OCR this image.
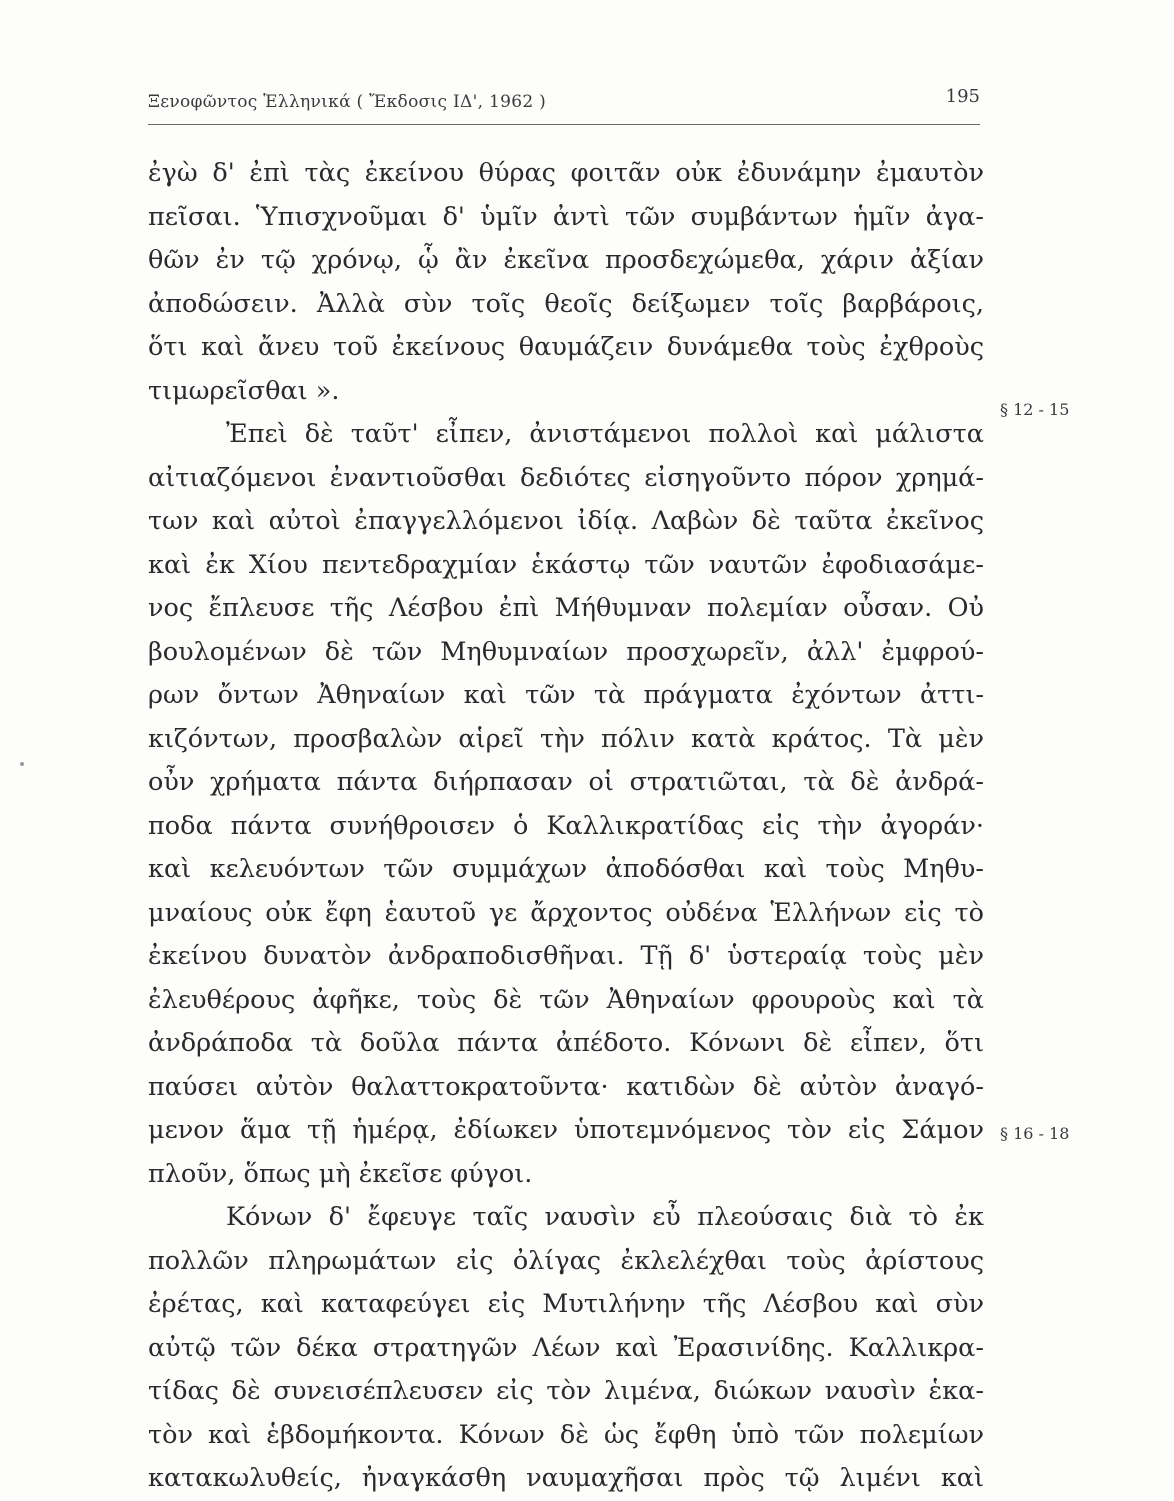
Ξενοφῶντος Ἑλληνικά ( Ἔκδοσις ΙΔ', 1962 )	195
ἐγὼ δ' ἐπὶ τὰς ἐκείνου θύρας φοιτᾶν οὐκ ἐδυνάμην ἐμαυτὸν
πεῖσαι. Ὑπισχνοῦμαι δ' ὑμῖν ἀντὶ τῶν συμβάντων ἡμῖν ἀγα-
θῶν ἐν τῷ χρόνῳ, ᾧ ἂν ἐκεῖνα προσδεχώμεθα, χάριν ἀξίαν
ἀποδώσειν. Ἀλλὰ σὺν τοῖς θεοῖς δείξωμεν τοῖς βαρβάροις,
ὅτι καὶ ἄνευ τοῦ ἐκείνους θαυμάζειν δυνάμεθα τοὺς ἐχθροὺς
τιμωρεῖσθαι ».
Ἐπεὶ δὲ ταῦτ' εἶπεν, ἀνιστάμενοι πολλοὶ καὶ μάλιστα
αἰτιαζόμενοι ἐναντιοῦσθαι δεδιότες εἰσηγοῦντο πόρον χρημά-
των καὶ αὐτοὶ ἐπαγγελλόμενοι ἰδίᾳ. Λαβὼν δὲ ταῦτα ἐκεῖνος
καὶ ἐκ Χίου πεντεδραχμίαν ἑκάστῳ τῶν ναυτῶν ἐφοδιασάμε-
νος ἔπλευσε τῆς Λέσβου ἐπὶ Μήθυμναν πολεμίαν οὖσαν. Οὐ
βουλομένων δὲ τῶν Μηθυμναίων προσχωρεῖν, ἀλλ' ἐμφρού-
ρων ὄντων Ἀθηναίων καὶ τῶν τὰ πράγματα ἐχόντων ἀττι-
κιζόντων, προσβαλὼν αἱρεῖ τὴν πόλιν κατὰ κράτος. Τὰ μὲν
οὖν χρήματα πάντα διήρπασαν οἱ στρατιῶται, τὰ δὲ ἀνδρά-
ποδα πάντα συνήθροισεν ὁ Καλλικρατίδας εἰς τὴν ἀγοράν·
καὶ κελευόντων τῶν συμμάχων ἀποδόσθαι καὶ τοὺς Μηθυ-
μναίους οὐκ ἔφη ἑαυτοῦ γε ἄρχοντος οὐδένα Ἑλλήνων εἰς τὸ
ἐκείνου δυνατὸν ἀνδραποδισθῆναι. Τῇ δ' ὑστεραίᾳ τοὺς μὲν
ἐλευθέρους ἀφῆκε, τοὺς δὲ τῶν Ἀθηναίων φρουροὺς καὶ τὰ
ἀνδράποδα τὰ δοῦλα πάντα ἀπέδοτο. Κόνωνι δὲ εἶπεν, ὅτι
παύσει αὐτὸν θαλαττοκρατοῦντα· κατιδὼν δὲ αὐτὸν ἀναγό-
μενον ἅμα τῇ ἡμέρᾳ, ἐδίωκεν ὑποτεμνόμενος τὸν εἰς Σάμον
πλοῦν, ὅπως μὴ ἐκεῖσε φύγοι.
Κόνων δ' ἔφευγε ταῖς ναυσὶν εὖ πλεούσαις διὰ τὸ ἐκ
πολλῶν πληρωμάτων εἰς ὀλίγας ἐκλελέχθαι τοὺς ἀρίστους
ἐρέτας, καὶ καταφεύγει εἰς Μυτιλήνην τῆς Λέσβου καὶ σὺν
αὐτῷ τῶν δέκα στρατηγῶν Λέων καὶ Ἐρασινίδης. Καλλικρα-
τίδας δὲ συνεισέπλευσεν εἰς τὸν λιμένα, διώκων ναυσὶν ἑκα-
τὸν καὶ ἑβδομήκοντα. Κόνων δὲ ὡς ἔφθη ὑπὸ τῶν πολεμίων
κατακωλυθείς, ἠναγκάσθη ναυμαχῆσαι πρὸς τῷ λιμένι καὶ
§ 12 - 15
§ 16 - 18
